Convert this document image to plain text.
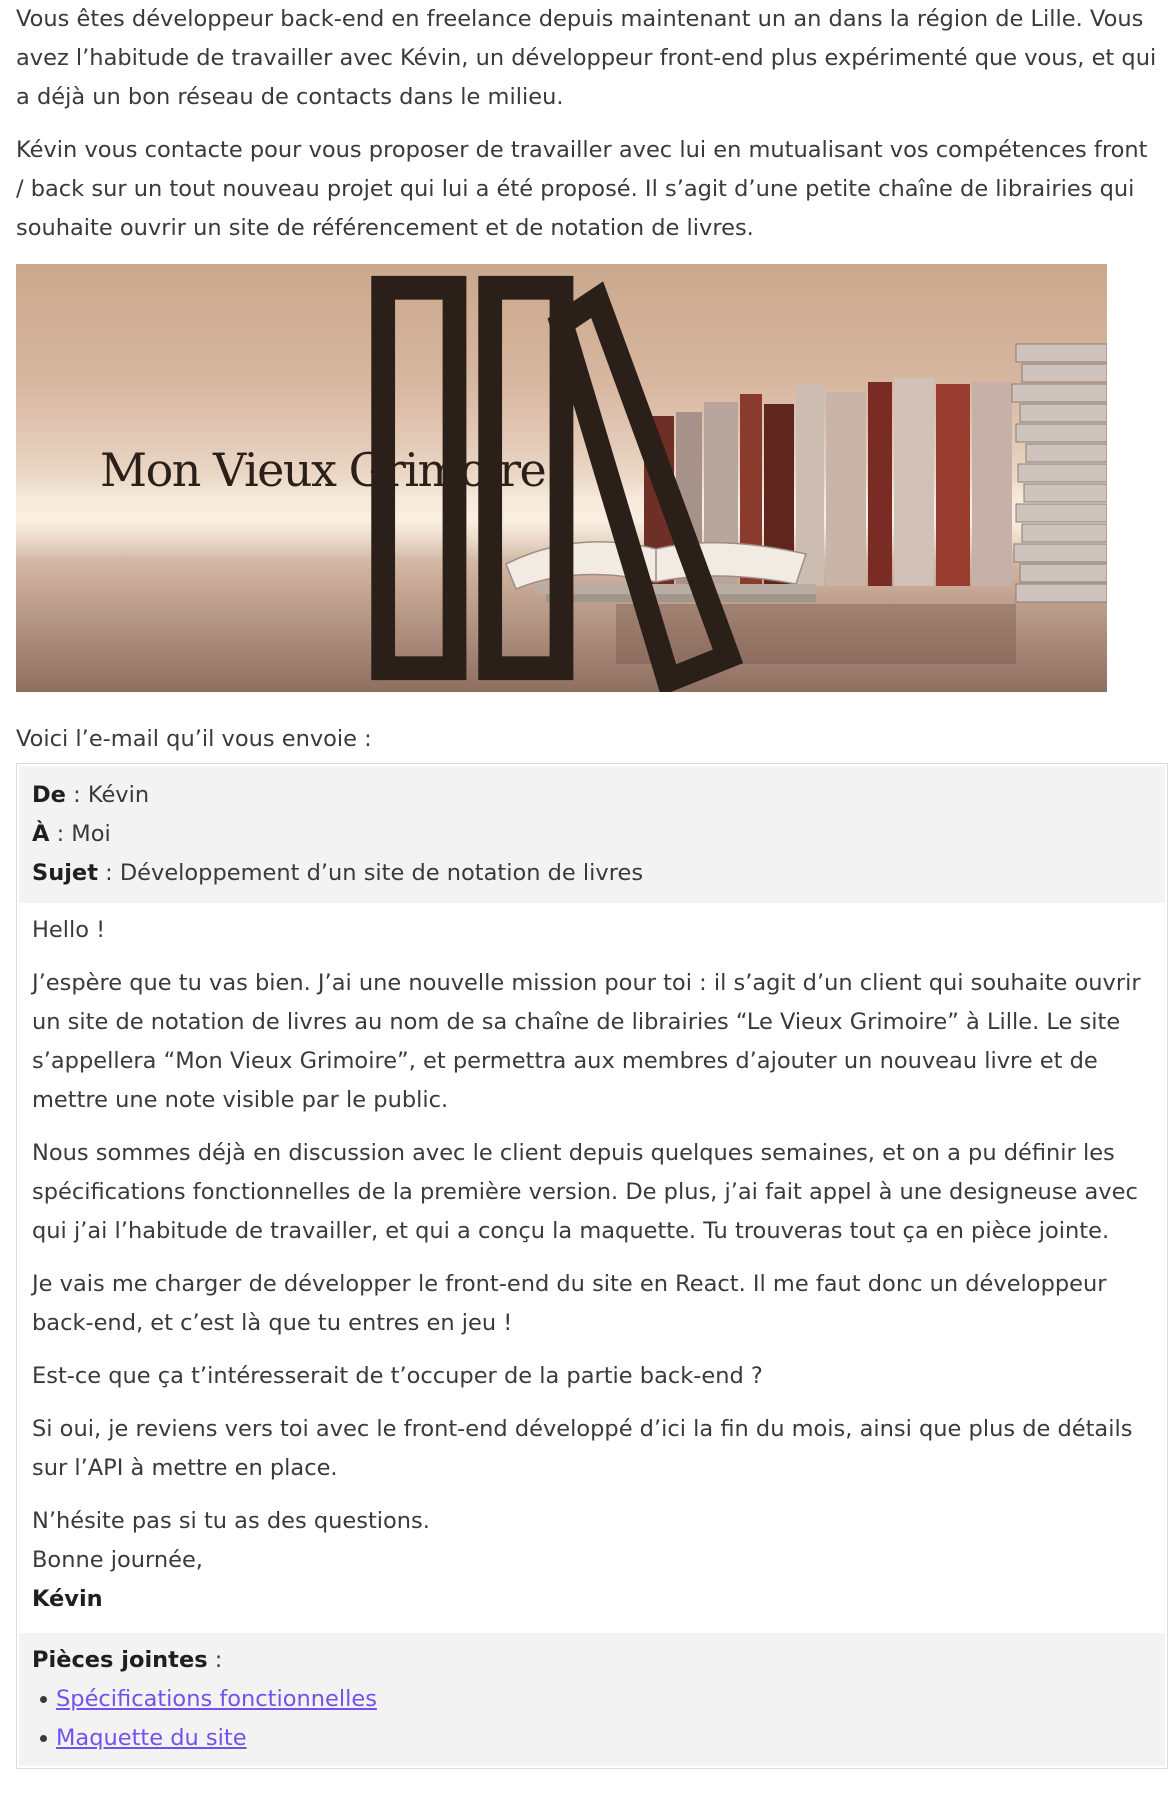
Vous êtes développeur back-end en freelance depuis maintenant un an dans la région de Lille. Vous avez l’habitude de travailler avec Kévin, un développeur front-end plus expérimenté que vous, et qui a déjà un bon réseau de contacts dans le milieu.

Kévin vous contacte pour vous proposer de travailler avec lui en mutualisant vos compétences front / back sur un tout nouveau projet qui lui a été proposé. Il s’agit d’une petite chaîne de librairies qui souhaite ouvrir un site de référencement et de notation de livres.

Mon Vieux Grimoire

Voici l’e-mail qu’il vous envoie :

De : Kévin
À : Moi
Sujet : Développement d’un site de notation de livres

Hello !

J’espère que tu vas bien. J’ai une nouvelle mission pour toi : il s’agit d’un client qui souhaite ouvrir un site de notation de livres au nom de sa chaîne de librairies “Le Vieux Grimoire” à Lille. Le site s’appellera “Mon Vieux Grimoire”, et permettra aux membres d’ajouter un nouveau livre et de mettre une note visible par le public.

Nous sommes déjà en discussion avec le client depuis quelques semaines, et on a pu définir les spécifications fonctionnelles de la première version. De plus, j’ai fait appel à une designeuse avec qui j’ai l’habitude de travailler, et qui a conçu la maquette. Tu trouveras tout ça en pièce jointe.

Je vais me charger de développer le front-end du site en React. Il me faut donc un développeur back-end, et c’est là que tu entres en jeu !

Est-ce que ça t’intéresserait de t’occuper de la partie back-end ?

Si oui, je reviens vers toi avec le front-end développé d’ici la fin du mois, ainsi que plus de détails sur l’API à mettre en place.

N’hésite pas si tu as des questions.
Bonne journée,
Kévin

Pièces jointes :
Spécifications fonctionnelles
Maquette du site
